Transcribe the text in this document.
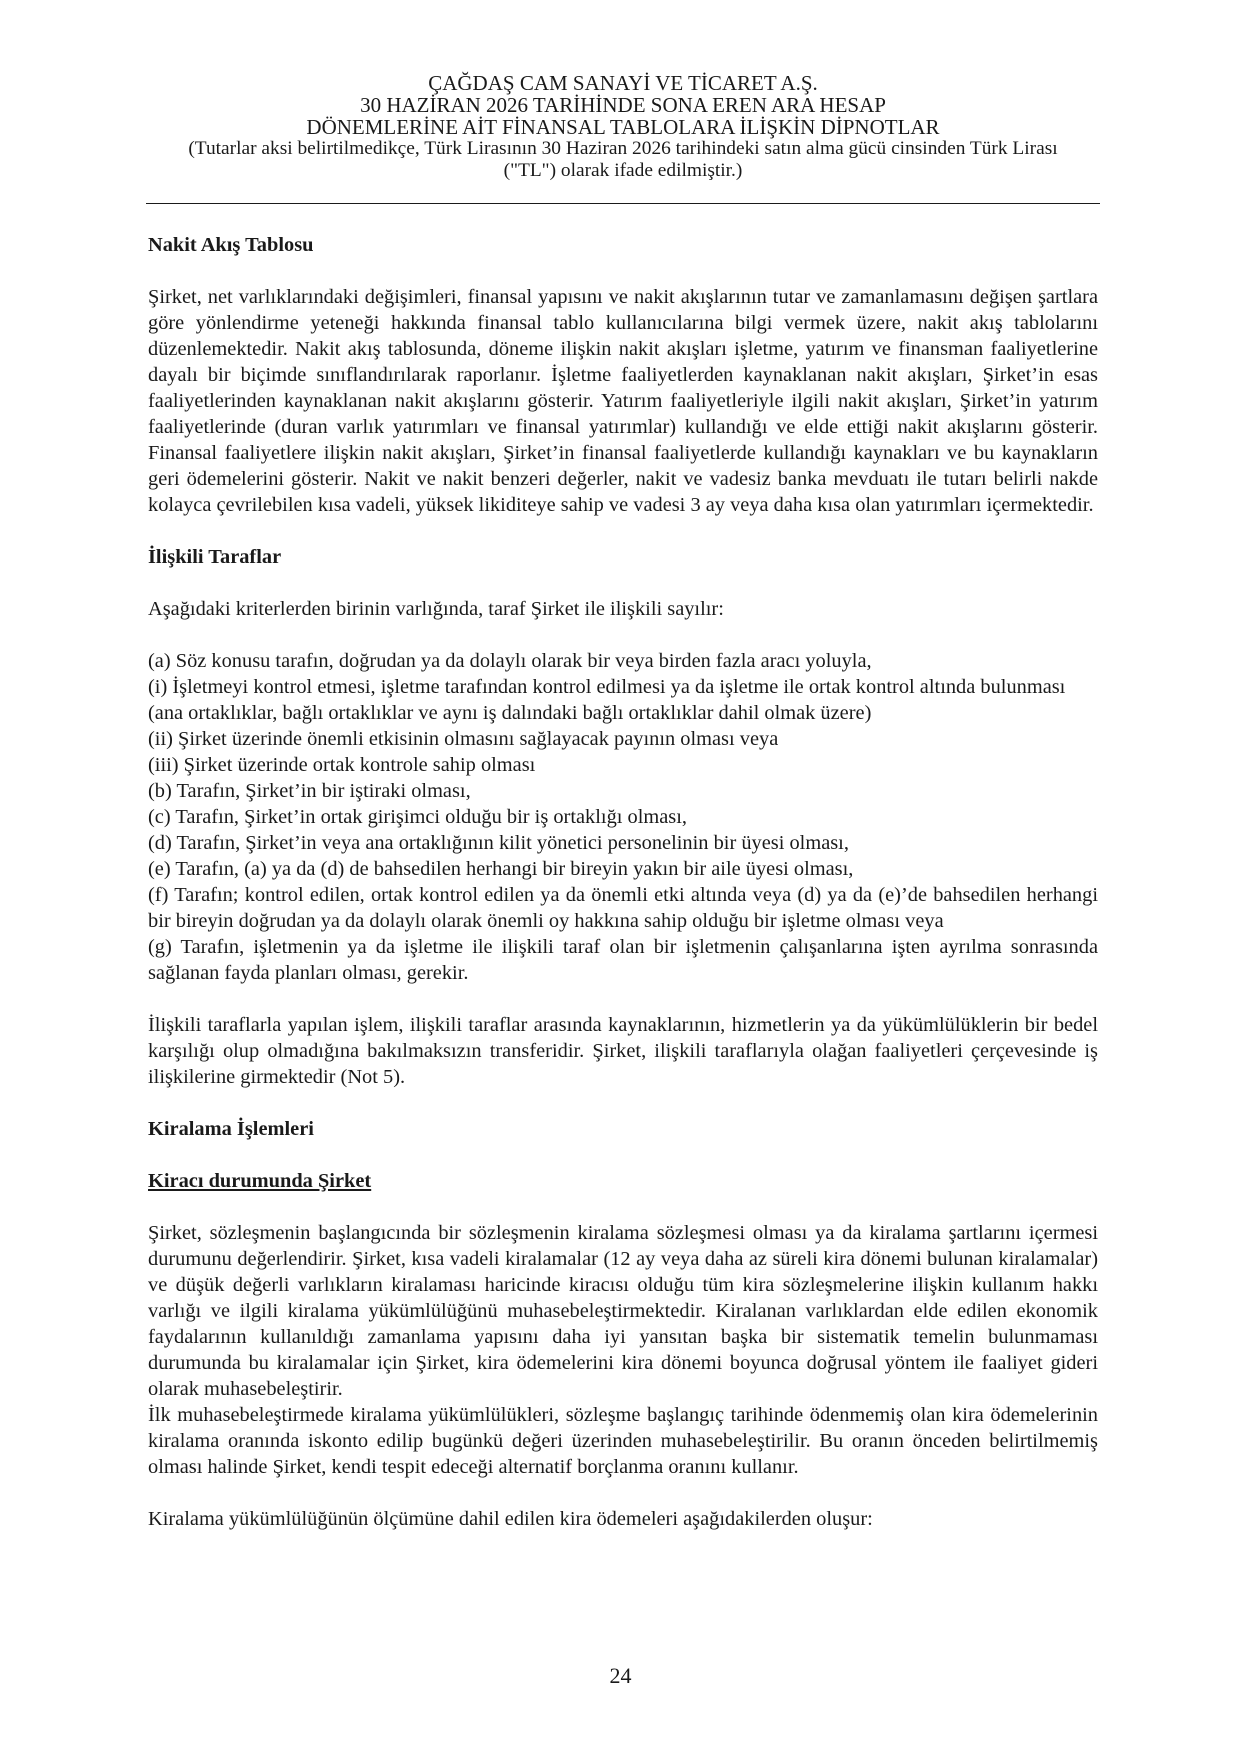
ÇAĞDAŞ CAM SANAYİ VE TİCARET A.Ş.
30 HAZİRAN 2026 TARİHİNDE SONA EREN ARA HESAP
DÖNEMLERİNE AİT FİNANSAL TABLOLARA İLİŞKİN DİPNOTLAR
(Tutarlar aksi belirtilmedikçe, Türk Lirasının 30 Haziran 2026 tarihindeki satın alma gücü cinsinden Türk Lirası
("TL") olarak ifade edilmiştir.)

Nakit Akış Tablosu

Şirket, net varlıklarındaki değişimleri, finansal yapısını ve nakit akışlarının tutar ve zamanlamasını değişen şartlara göre yönlendirme yeteneği hakkında finansal tablo kullanıcılarına bilgi vermek üzere, nakit akış tablolarını düzenlemektedir. Nakit akış tablosunda, döneme ilişkin nakit akışları işletme, yatırım ve finansman faaliyetlerine dayalı bir biçimde sınıflandırılarak raporlanır. İşletme faaliyetlerden kaynaklanan nakit akışları, Şirket’in esas faaliyetlerinden kaynaklanan nakit akışlarını gösterir. Yatırım faaliyetleriyle ilgili nakit akışları, Şirket’in yatırım faaliyetlerinde (duran varlık yatırımları ve finansal yatırımlar) kullandığı ve elde ettiği nakit akışlarını gösterir. Finansal faaliyetlere ilişkin nakit akışları, Şirket’in finansal faaliyetlerde kullandığı kaynakları ve bu kaynakların geri ödemelerini gösterir. Nakit ve nakit benzeri değerler, nakit ve vadesiz banka mevduatı ile tutarı belirli nakde kolayca çevrilebilen kısa vadeli, yüksek likiditeye sahip ve vadesi 3 ay veya daha kısa olan yatırımları içermektedir.

İlişkili Taraflar

Aşağıdaki kriterlerden birinin varlığında, taraf Şirket ile ilişkili sayılır:

(a) Söz konusu tarafın, doğrudan ya da dolaylı olarak bir veya birden fazla aracı yoluyla,

(i) İşletmeyi kontrol etmesi, işletme tarafından kontrol edilmesi ya da işletme ile ortak kontrol altında bulunması (ana ortaklıklar, bağlı ortaklıklar ve aynı iş dalındaki bağlı ortaklıklar dahil olmak üzere)

(ii) Şirket üzerinde önemli etkisinin olmasını sağlayacak payının olması veya

(iii) Şirket üzerinde ortak kontrole sahip olması

(b) Tarafın, Şirket’in bir iştiraki olması,

(c) Tarafın, Şirket’in ortak girişimci olduğu bir iş ortaklığı olması,

(d) Tarafın, Şirket’in veya ana ortaklığının kilit yönetici personelinin bir üyesi olması,

(e) Tarafın, (a) ya da (d) de bahsedilen herhangi bir bireyin yakın bir aile üyesi olması,

(f) Tarafın; kontrol edilen, ortak kontrol edilen ya da önemli etki altında veya (d) ya da (e)’de bahsedilen herhangi bir bireyin doğrudan ya da dolaylı olarak önemli oy hakkına sahip olduğu bir işletme olması veya

(g) Tarafın, işletmenin ya da işletme ile ilişkili taraf olan bir işletmenin çalışanlarına işten ayrılma sonrasında sağlanan fayda planları olması, gerekir.

İlişkili taraflarla yapılan işlem, ilişkili taraflar arasında kaynaklarının, hizmetlerin ya da yükümlülüklerin bir bedel karşılığı olup olmadığına bakılmaksızın transferidir. Şirket, ilişkili taraflarıyla olağan faaliyetleri çerçevesinde iş ilişkilerine girmektedir (Not 5).

Kiralama İşlemleri

Kiracı durumunda Şirket

Şirket, sözleşmenin başlangıcında bir sözleşmenin kiralama sözleşmesi olması ya da kiralama şartlarını içermesi durumunu değerlendirir. Şirket, kısa vadeli kiralamalar (12 ay veya daha az süreli kira dönemi bulunan kiralamalar) ve düşük değerli varlıkların kiralaması haricinde kiracısı olduğu tüm kira sözleşmelerine ilişkin kullanım hakkı varlığı ve ilgili kiralama yükümlülüğünü muhasebeleştirmektedir. Kiralanan varlıklardan elde edilen ekonomik faydalarının kullanıldığı zamanlama yapısını daha iyi yansıtan başka bir sistematik temelin bulunmaması durumunda bu kiralamalar için Şirket, kira ödemelerini kira dönemi boyunca doğrusal yöntem ile faaliyet gideri olarak muhasebeleştirir.

İlk muhasebeleştirmede kiralama yükümlülükleri, sözleşme başlangıç tarihinde ödenmemiş olan kira ödemelerinin kiralama oranında iskonto edilip bugünkü değeri üzerinden muhasebeleştirilir. Bu oranın önceden belirtilmemiş olması halinde Şirket, kendi tespit edeceği alternatif borçlanma oranını kullanır.

Kiralama yükümlülüğünün ölçümüne dahil edilen kira ödemeleri aşağıdakilerden oluşur:

24
